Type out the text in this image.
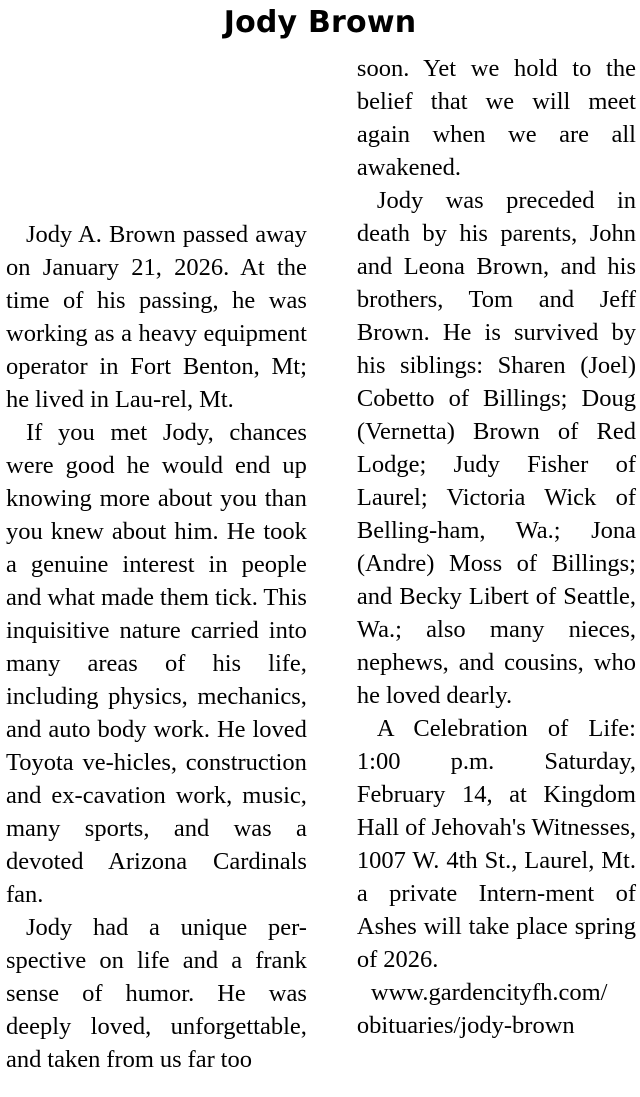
Jody Brown

Jody A. Brown passed away on January 21, 2026. At the time of his passing, he was working as a heavy equipment operator in Fort Benton, Mt; he lived in Lau-rel, Mt.

If you met Jody, chances were good he would end up knowing more about you than you knew about him. He took a genuine interest in people and what made them tick. This inquisitive nature carried into many areas of his life, including physics, mechanics, and auto body work. He loved Toyota ve-hicles, construction and ex-cavation work, music, many sports, and was a devoted Arizona Cardinals fan.

Jody had a unique per-spective on life and a frank sense of humor. He was deeply loved, unforgettable, and taken from us far too

soon. Yet we hold to the belief that we will meet again when we are all awakened.

Jody was preceded in death by his parents, John and Leona Brown, and his brothers, Tom and Jeff Brown. He is survived by his siblings: Sharen (Joel) Cobetto of Billings; Doug (Vernetta) Brown of Red Lodge; Judy Fisher of Laurel; Victoria Wick of Belling-ham, Wa.; Jona (Andre) Moss of Billings; and Becky Libert of Seattle, Wa.; also many nieces, nephews, and cousins, who he loved dearly.

A Celebration of Life: 1:00 p.m. Saturday, February 14, at Kingdom Hall of Jehovah's Witnesses, 1007 W. 4th St., Laurel, Mt. a private Intern-ment of Ashes will take place spring of 2026.

www.gardencityfh.com/ obituaries/jody-brown
